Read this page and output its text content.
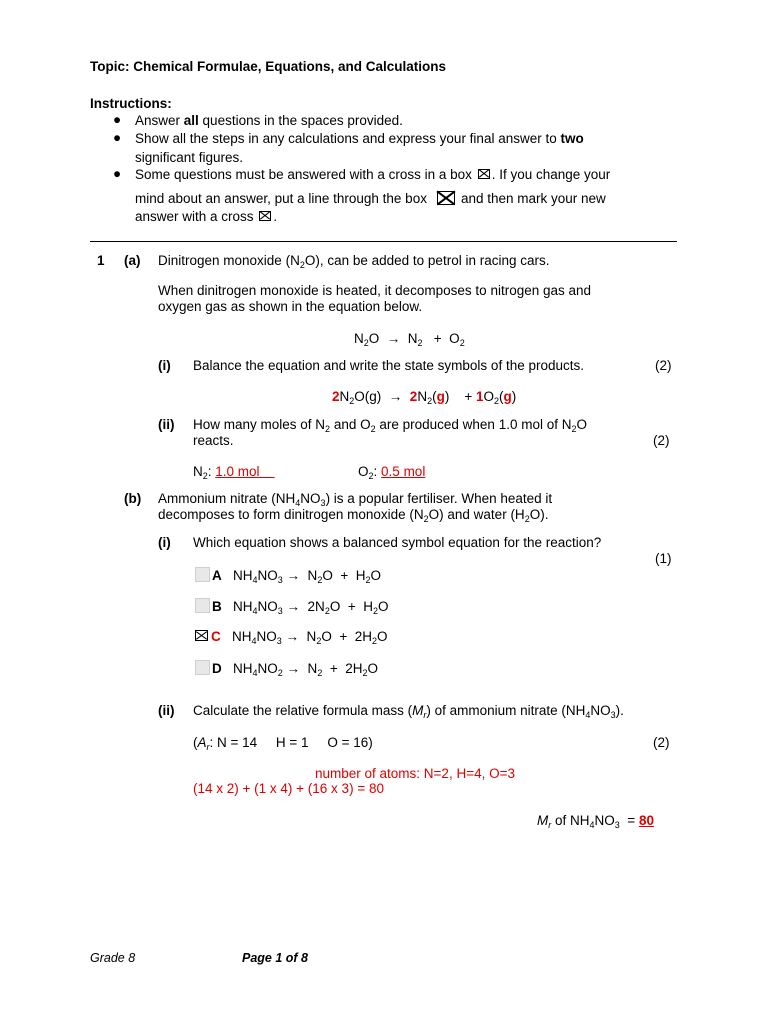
Topic: Chemical Formulae, Equations, and Calculations
Instructions:
● Answer all questions in the spaces provided.
● Show all the steps in any calculations and express your final answer to two
significant figures.
● Some questions must be answered with a cross in a box ☒ . If you change your
mind about an answer, put a line through the box	and then mark your new
answer with a cross ☒ .
1 (a) Dinitrogen monoxide $(N_2O)$, can be added to petrol in racing cars.
When dinitrogen monoxide is heated, it decomposes to nitrogen gas and
oxygen gas as shown in the equation below.
$N_2O \to N_2 + O_2$
(i) Balance the equation and write the state symbols of the products.	(2)
$2N_2O(g) \to 2N_2(g)$    + $1O_2(g)$
(ii) How many moles of $N_2$ and $O_2$ are produced when 1.0 mol of $N_2O$
reacts.	(2)
$N_2$: 1.0 mol	$O_2$: 0.5 mol
(b) Ammonium nitrate $(NH_4NO_3)$ is a popular fertiliser. When heated it
decomposes to form dinitrogen monoxide $(N_2O)$ and water $(H_2O)$.
(i) Which equation shows a balanced symbol equation for the reaction?
(1)
A   $NH_4NO_3 \to N_2O + H_2O$
B   $NH_4NO_3 \to 2N_2O + H_2O$
C   $NH_4NO_3 \to N_2O + 2H_2O$
D   $NH_4NO_2 \to N_2 + 2H_2O$
(ii) Calculate the relative formula mass $(M_r)$ of ammonium nitrate $(NH_4NO_3)$.
($A_r$: N = 14     H = 1     O = 16)	(2)
number of atoms: N=2, H=4, O=3
(14 x 2) + (1 x 4) + (16 x 3) = 80
$M_r$ of $NH_4NO_3 = 80$
Grade 8	Page 1 of 8
